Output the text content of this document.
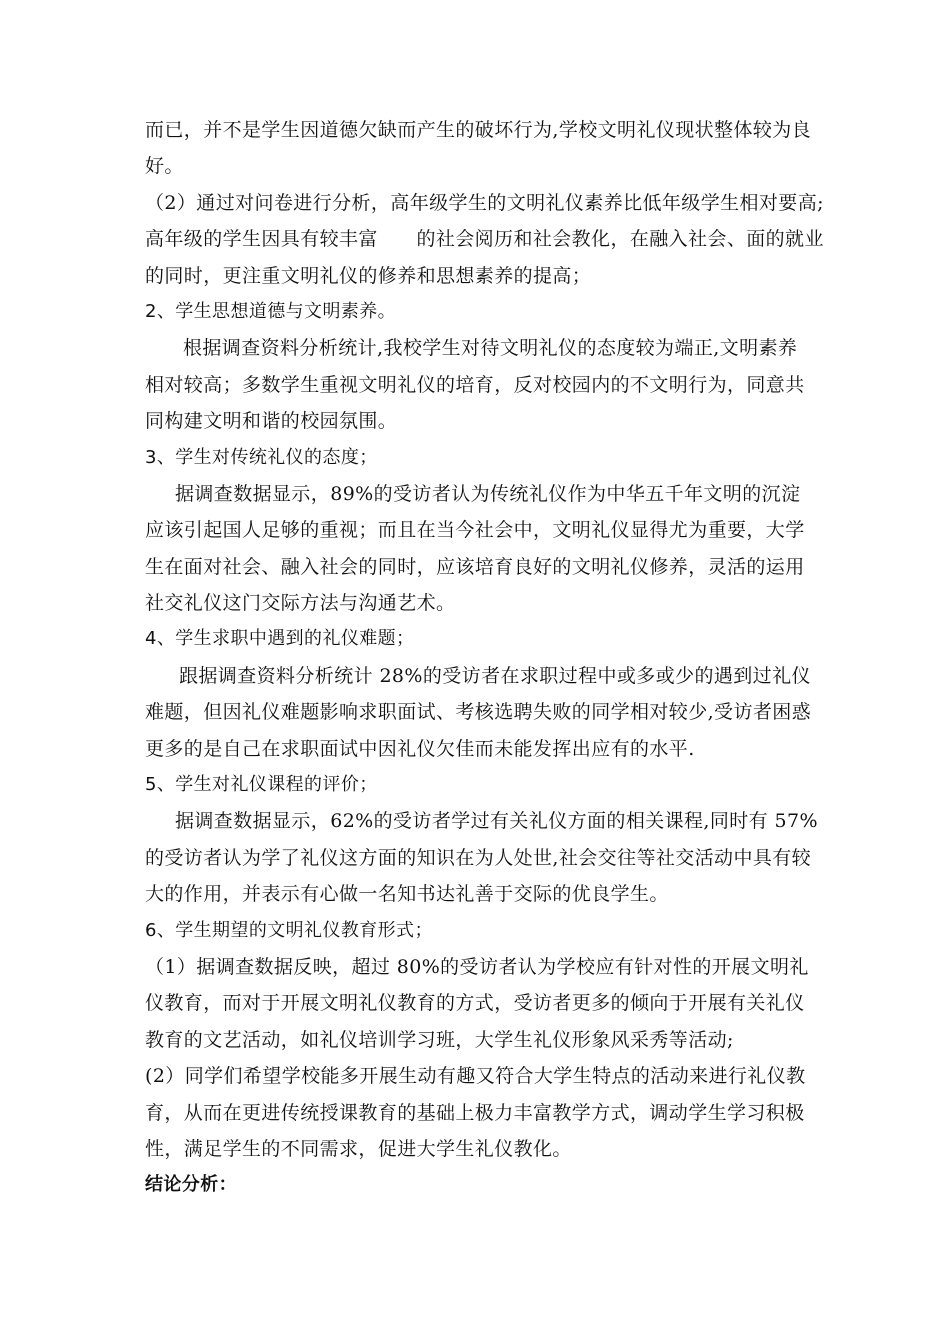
而已，并不是学生因道德欠缺而产生的破坏行为,学校文明礼仪现状整体较为良
好。
（2）通过对问卷进行分析，高年级学生的文明礼仪素养比低年级学生相对要高;
高年级的学生因具有较丰富      的社会阅历和社会教化，在融入社会、面的就业
的同时，更注重文明礼仪的修养和思想素养的提高；
2、学生思想道德与文明素养。
根据调查资料分析统计,我校学生对待文明礼仪的态度较为端正,文明素养
相对较高；多数学生重视文明礼仪的培育，反对校园内的不文明行为，同意共
同构建文明和谐的校园氛围。
3、学生对传统礼仪的态度；
据调查数据显示，89%的受访者认为传统礼仪作为中华五千年文明的沉淀
应该引起国人足够的重视；而且在当今社会中，文明礼仪显得尤为重要，大学
生在面对社会、融入社会的同时，应该培育良好的文明礼仪修养，灵活的运用
社交礼仪这门交际方法与沟通艺术。
4、学生求职中遇到的礼仪难题；
跟据调查资料分析统计 28%的受访者在求职过程中或多或少的遇到过礼仪
难题，但因礼仪难题影响求职面试、考核选聘失败的同学相对较少,受访者困惑
更多的是自己在求职面试中因礼仪欠佳而未能发挥出应有的水平.
5、学生对礼仪课程的评价；
据调查数据显示，62%的受访者学过有关礼仪方面的相关课程,同时有 57%
的受访者认为学了礼仪这方面的知识在为人处世,社会交往等社交活动中具有较
大的作用，并表示有心做一名知书达礼善于交际的优良学生。
6、学生期望的文明礼仪教育形式；
（1）据调查数据反映，超过 80%的受访者认为学校应有针对性的开展文明礼
仪教育，而对于开展文明礼仪教育的方式，受访者更多的倾向于开展有关礼仪
教育的文艺活动，如礼仪培训学习班，大学生礼仪形象风采秀等活动;
(2）同学们希望学校能多开展生动有趣又符合大学生特点的活动来进行礼仪教
育，从而在更进传统授课教育的基础上极力丰富教学方式，调动学生学习积极
性，满足学生的不同需求，促进大学生礼仪教化。
结论分析：
